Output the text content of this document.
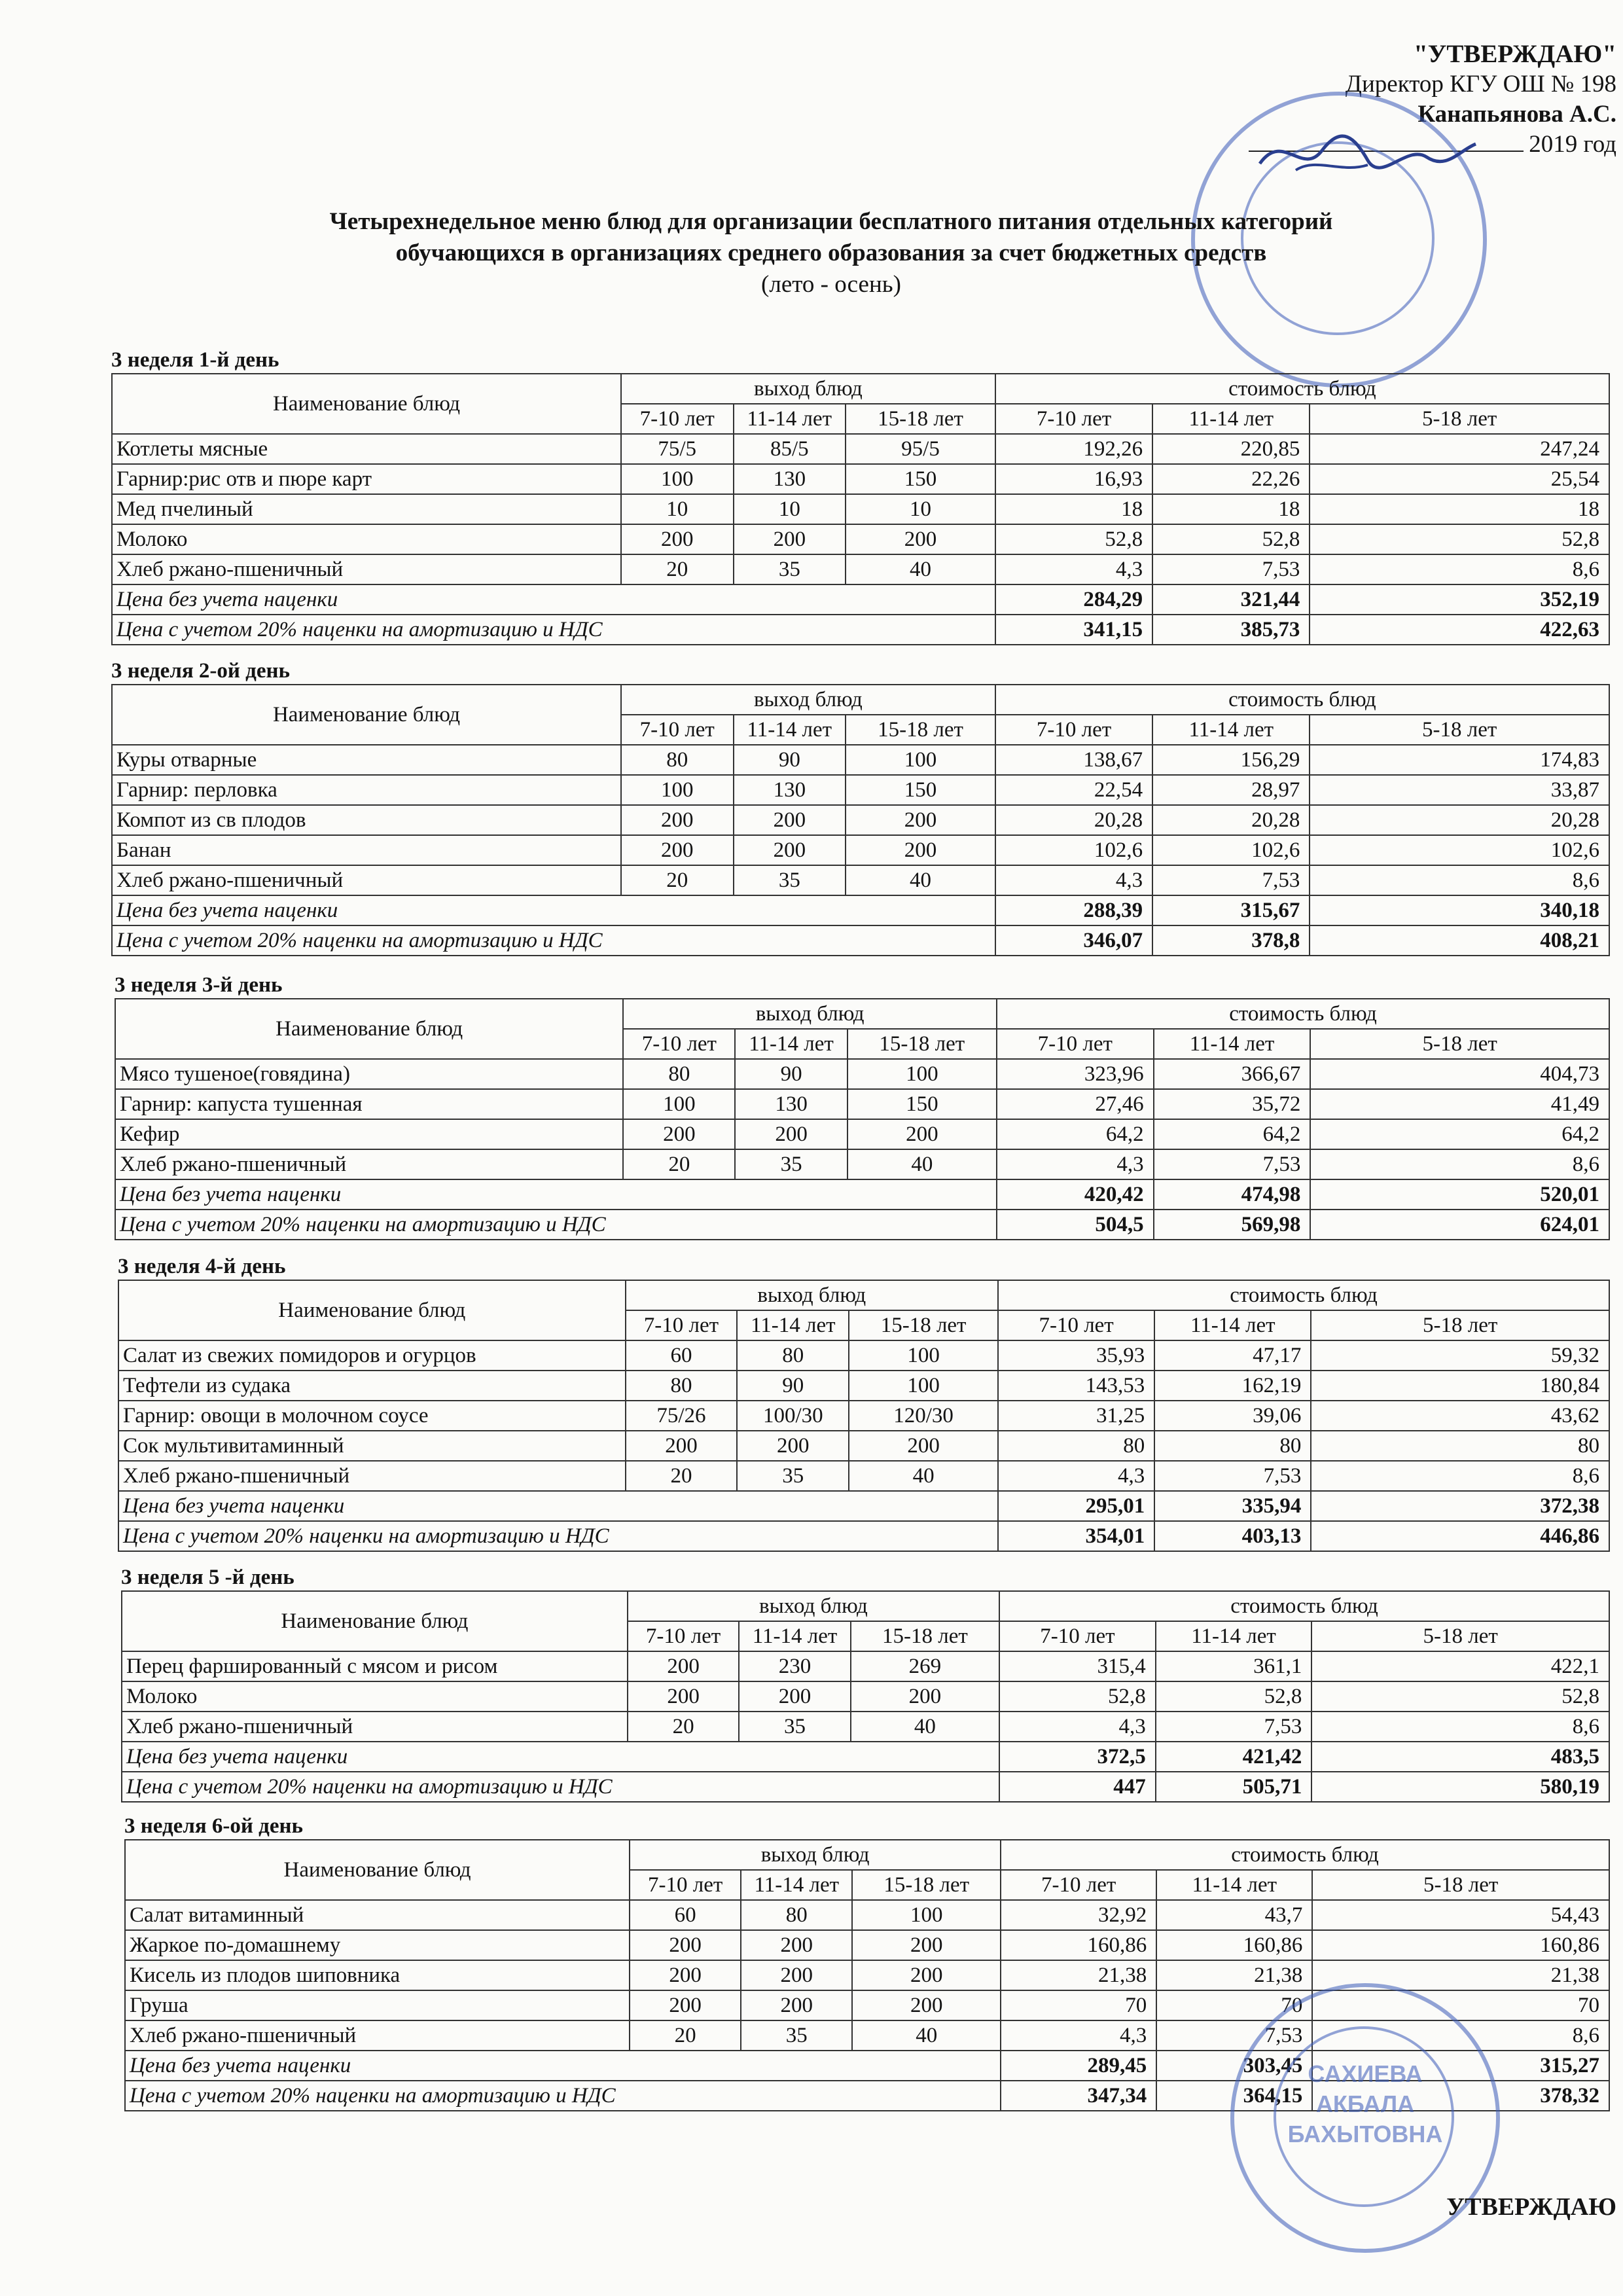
"УТВЕРЖДАЮ"
Директор КГУ ОШ № 198
Канапьянова А.С.
2019 год
Четырехнедельное меню блюд для организации бесплатного питания отдельных категорий
обучающихся в организациях среднего образования за счет бюджетных средств
(лето - осень)
3 неделя 1-й день
Наименование блюд	выход блюд			стоимость блюд		
	7-10 лет	11-14 лет	15-18 лет	7-10 лет	11-14 лет	5-18 лет
Котлеты мясные	75/5	85/5	95/5	192,26	220,85	247,24
Гарнир:рис отв и пюре карт	100	130	150	16,93	22,26	25,54
Мед пчелиный	10	10	10	18	18	18
Молоко	200	200	200	52,8	52,8	52,8
Хлеб ржано-пшеничный	20	35	40	4,3	7,53	8,6
Цена без учета наценки				284,29	321,44	352,19
Цена с учетом 20% наценки на амортизацию и НДС				341,15	385,73	422,63
3 неделя 2-ой день
Наименование блюд	выход блюд			стоимость блюд		
	7-10 лет	11-14 лет	15-18 лет	7-10 лет	11-14 лет	5-18 лет
Куры отварные	80	90	100	138,67	156,29	174,83
Гарнир: перловка	100	130	150	22,54	28,97	33,87
Компот из св плодов	200	200	200	20,28	20,28	20,28
Банан	200	200	200	102,6	102,6	102,6
Хлеб ржано-пшеничный	20	35	40	4,3	7,53	8,6
Цена без учета наценки				288,39	315,67	340,18
Цена с учетом 20% наценки на амортизацию и НДС				346,07	378,8	408,21
3 неделя 3-й день
Наименование блюд	выход блюд			стоимость блюд		
	7-10 лет	11-14 лет	15-18 лет	7-10 лет	11-14 лет	5-18 лет
Мясо тушеное(говядина)	80	90	100	323,96	366,67	404,73
Гарнир: капуста тушенная	100	130	150	27,46	35,72	41,49
Кефир	200	200	200	64,2	64,2	64,2
Хлеб ржано-пшеничный	20	35	40	4,3	7,53	8,6
Цена без учета наценки				420,42	474,98	520,01
Цена с учетом 20% наценки на амортизацию и НДС				504,5	569,98	624,01
3 неделя 4-й день
Наименование блюд	выход блюд			стоимость блюд		
	7-10 лет	11-14 лет	15-18 лет	7-10 лет	11-14 лет	5-18 лет
Салат из свежих помидоров и огурцов	60	80	100	35,93	47,17	59,32
Тефтели из судака	80	90	100	143,53	162,19	180,84
Гарнир: овощи в молочном соусе	75/26	100/30	120/30	31,25	39,06	43,62
Сок мультивитаминный	200	200	200	80	80	80
Хлеб ржано-пшеничный	20	35	40	4,3	7,53	8,6
Цена без учета наценки				295,01	335,94	372,38
Цена с учетом 20% наценки на амортизацию и НДС				354,01	403,13	446,86
3 неделя 5 -й день
Наименование блюд	выход блюд			стоимость блюд		
	7-10 лет	11-14 лет	15-18 лет	7-10 лет	11-14 лет	5-18 лет
Перец фаршированный с мясом и рисом	200	230	269	315,4	361,1	422,1
Молоко	200	200	200	52,8	52,8	52,8
Хлеб ржано-пшеничный	20	35	40	4,3	7,53	8,6
Цена без учета наценки				372,5	421,42	483,5
Цена с учетом 20% наценки на амортизацию и НДС				447	505,71	580,19
3 неделя 6-ой день
Наименование блюд	выход блюд			стоимость блюд		
	7-10 лет	11-14 лет	15-18 лет	7-10 лет	11-14 лет	5-18 лет
Салат витаминный	60	80	100	32,92	43,7	54,43
Жаркое по-домашнему	200	200	200	160,86	160,86	160,86
Кисель из плодов шиповника	200	200	200	21,38	21,38	21,38
Груша	200	200	200	70	70	70
Хлеб ржано-пшеничный	20	35	40	4,3	7,53	8,6
Цена без учета наценки				289,45	303,45	315,27
Цена с учетом 20% наценки на амортизацию и НДС				347,34	364,15	378,32
САХИЕВА
АКБАЛА
БАХЫТОВНА
УТВЕРЖДАЮ
